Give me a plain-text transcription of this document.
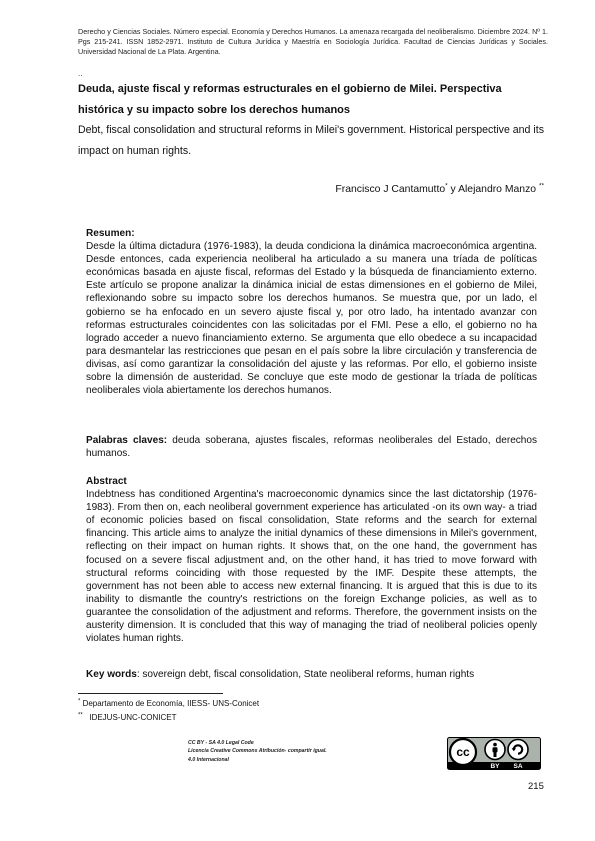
Derecho y Ciencias Sociales. Número especial. Economía y Derechos Humanos. La amenaza recargada del neoliberalismo. Diciembre 2024. Nº 1. Pgs 215-241. ISSN 1852-2971. Instituto de Cultura Jurídica y Maestría en Sociología Jurídica. Facultad de Ciencias Jurídicas y Sociales. Universidad Nacional de La Plata. Argentina.
..
Deuda, ajuste fiscal y reformas estructurales en el gobierno de Milei. Perspectiva histórica y su impacto sobre los derechos humanos
Debt, fiscal consolidation and structural reforms in Milei's government. Historical perspective and its impact on human rights.
Francisco J Cantamutto* y Alejandro Manzo **
Resumen:
Desde la última dictadura (1976-1983), la deuda condiciona la dinámica macroeconómica argentina. Desde entonces, cada experiencia neoliberal ha articulado a su manera una tríada de políticas económicas basada en ajuste fiscal, reformas del Estado y la búsqueda de financiamiento externo. Este artículo se propone analizar la dinámica inicial de estas dimensiones en el gobierno de Milei, reflexionando sobre su impacto sobre los derechos humanos. Se muestra que, por un lado, el gobierno se ha enfocado en un severo ajuste fiscal y, por otro lado, ha intentado avanzar con reformas estructurales coincidentes con las solicitadas por el FMI. Pese a ello, el gobierno no ha logrado acceder a nuevo financiamiento externo. Se argumenta que ello obedece a su incapacidad para desmantelar las restricciones que pesan en el país sobre la libre circulación y transferencia de divisas, así como garantizar la consolidación del ajuste y las reformas. Por ello, el gobierno insiste sobre la dimensión de austeridad. Se concluye que este modo de gestionar la tríada de políticas neoliberales viola abiertamente los derechos humanos.
Palabras claves: deuda soberana, ajustes fiscales, reformas neoliberales del Estado, derechos humanos.
Abstract
Indebtness has conditioned Argentina's macroeconomic dynamics since the last dictatorship (1976-1983). From then on, each neoliberal government experience has articulated -on its own way- a triad of economic policies based on fiscal consolidation, State reforms and the search for external financing. This article aims to analyze the initial dynamics of these dimensions in Milei's government, reflecting on their impact on human rights. It shows that, on the one hand, the government has focused on a severe fiscal adjustment and, on the other hand, it has tried to move forward with structural reforms coinciding with those requested by the IMF. Despite these attempts, the government has not been able to access new external financing. It is argued that this is due to its inability to dismantle the country's restrictions on the foreign Exchange policies, as well as to guarantee the consolidation of the adjustment and reforms. Therefore, the government insists on the austerity dimension. It is concluded that this way of managing the triad of neoliberal policies openly violates human rights.
Key words: sovereign debt, fiscal consolidation, State neoliberal reforms, human rights
* Departamento de Economía, IIESS- UNS-Conicet
**   IDEJUS-UNC-CONICET
CC BY - SA 4.0 Legal Code
Licencia Creative Commons Atribución- compartir igual.
4.0 Internacional
cc
BY SA
215
